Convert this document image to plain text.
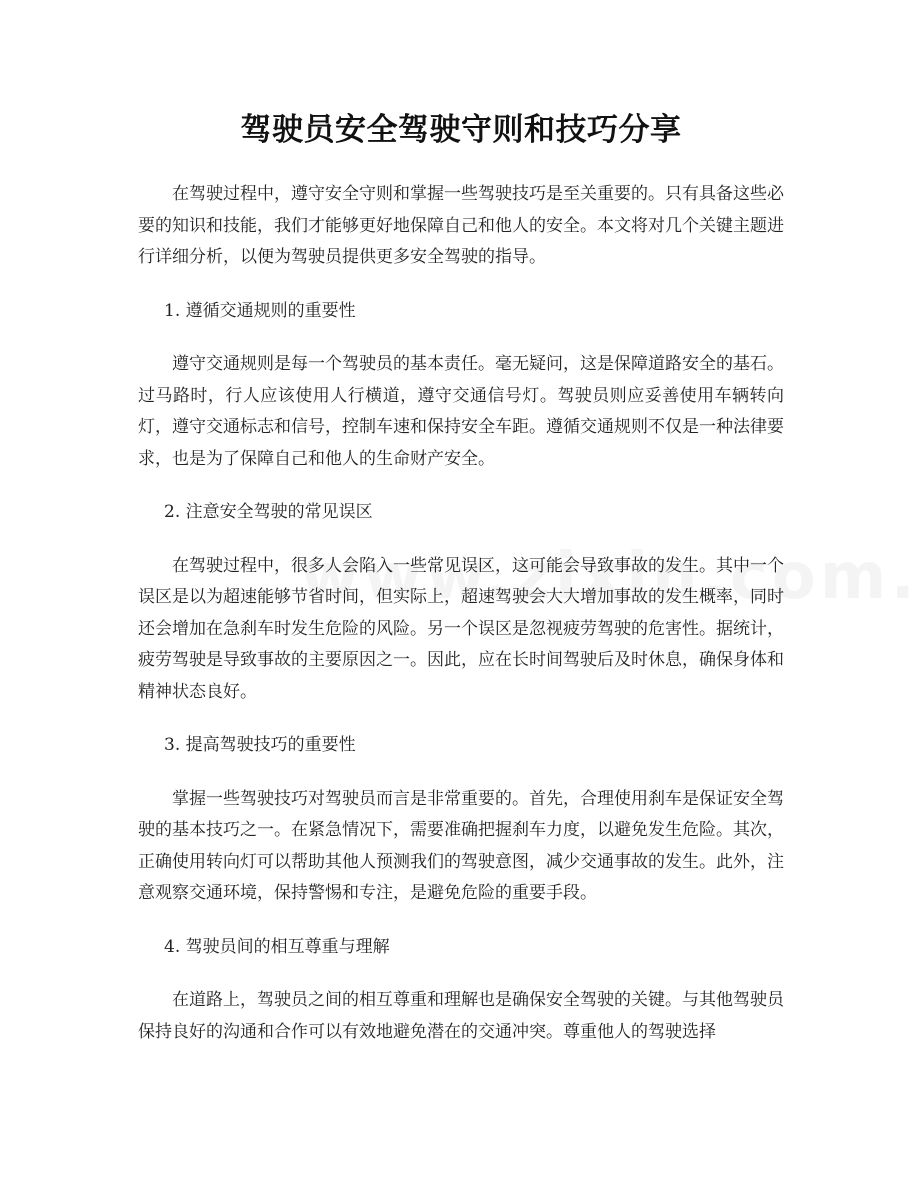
驾驶员安全驾驶守则和技巧分享

在驾驶过程中，遵守安全守则和掌握一些驾驶技巧是至关重要的。只有具备这些必要的知识和技能，我们才能够更好地保障自己和他人的安全。本文将对几个关键主题进行详细分析，以便为驾驶员提供更多安全驾驶的指导。

1. 遵循交通规则的重要性

遵守交通规则是每一个驾驶员的基本责任。毫无疑问，这是保障道路安全的基石。过马路时，行人应该使用人行横道，遵守交通信号灯。驾驶员则应妥善使用车辆转向灯，遵守交通标志和信号，控制车速和保持安全车距。遵循交通规则不仅是一种法律要求，也是为了保障自己和他人的生命财产安全。

2. 注意安全驾驶的常见误区

在驾驶过程中，很多人会陷入一些常见误区，这可能会导致事故的发生。其中一个误区是以为超速能够节省时间，但实际上，超速驾驶会大大增加事故的发生概率，同时还会增加在急刹车时发生危险的风险。另一个误区是忽视疲劳驾驶的危害性。据统计，疲劳驾驶是导致事故的主要原因之一。因此，应在长时间驾驶后及时休息，确保身体和精神状态良好。

3. 提高驾驶技巧的重要性

掌握一些驾驶技巧对驾驶员而言是非常重要的。首先，合理使用刹车是保证安全驾驶的基本技巧之一。在紧急情况下，需要准确把握刹车力度，以避免发生危险。其次，正确使用转向灯可以帮助其他人预测我们的驾驶意图，减少交通事故的发生。此外，注意观察交通环境，保持警惕和专注，是避免危险的重要手段。

4. 驾驶员间的相互尊重与理解

在道路上，驾驶员之间的相互尊重和理解也是确保安全驾驶的关键。与其他驾驶员保持良好的沟通和合作可以有效地避免潜在的交通冲突。尊重他人的驾驶选择
